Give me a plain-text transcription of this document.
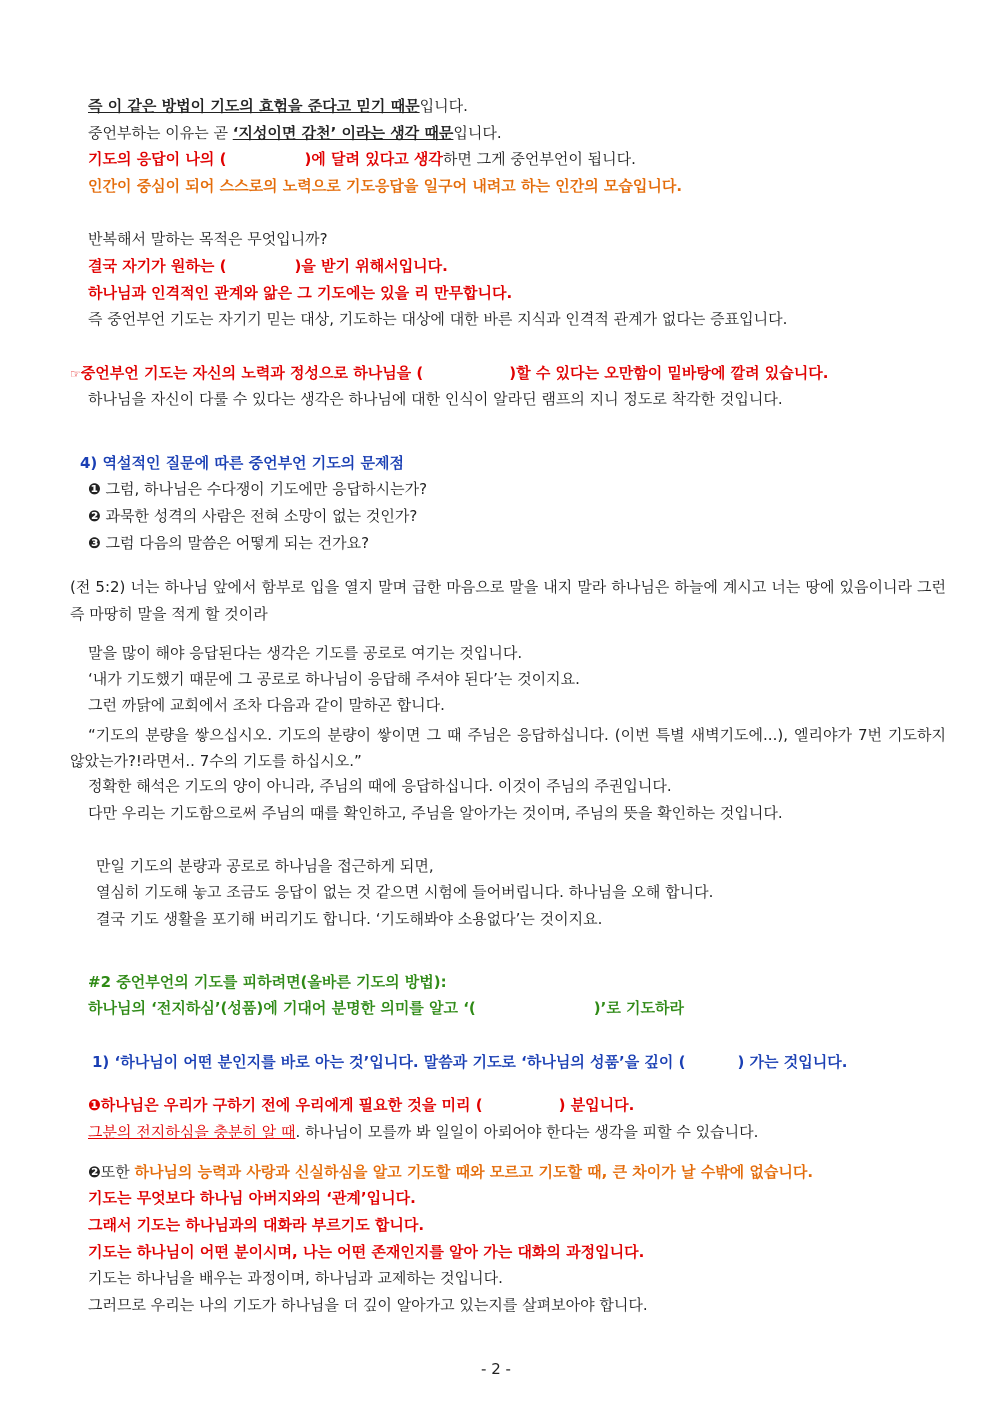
즉 이 같은 방법이 기도의 효험을 준다고 믿기 때문입니다.
중언부하는 이유는 곧 ‘지성이면 감천’ 이라는 생각 때문입니다.
기도의 응답이 나의 (	)에 달려 있다고 생각하면 그게 중언부언이 됩니다.
인간이 중심이 되어 스스로의 노력으로 기도응답을 일구어 내려고 하는 인간의 모습입니다.
반복해서 말하는 목적은 무엇입니까?
결국 자기가 원하는 (	)을 받기 위해서입니다.
하나님과 인격적인 관계와 앎은 그 기도에는 있을 리 만무합니다.
즉 중언부언 기도는 자기기 믿는 대상, 기도하는 대상에 대한 바른 지식과 인격적 관계가 없다는 증표입니다.
☞중언부언 기도는 자신의 노력과 정성으로 하나님을 (	)할 수 있다는 오만함이 밑바탕에 깔려 있습니다.
하나님을 자신이 다룰 수 있다는 생각은 하나님에 대한 인식이 알라딘 램프의 지니 정도로 착각한 것입니다.
4) 역설적인 질문에 따른 중언부언 기도의 문제점
❶ 그럼, 하나님은 수다쟁이 기도에만 응답하시는가?
❷ 과묵한 성격의 사람은 전혀 소망이 없는 것인가?
❸ 그럼 다음의 말씀은 어떻게 되는 건가요?
(전 5:2) 너는 하나님 앞에서 함부로 입을 열지 말며 급한 마음으로 말을 내지 말라 하나님은 하늘에 계시고 너는 땅에 있음이니라 그런즉 마땅히 말을 적게 할 것이라
말을 많이 해야 응답된다는 생각은 기도를 공로로 여기는 것입니다.
‘내가 기도했기 때문에 그 공로로 하나님이 응답해 주셔야 된다’는 것이지요.
그런 까닭에 교회에서 조차 다음과 같이 말하곤 합니다.
“기도의 분량을 쌓으십시오. 기도의 분량이 쌓이면 그 때 주님은 응답하십니다. (이번 특별 새벽기도에...), 엘리야가 7번 기도하지 않았는가?!라면서.. 7수의 기도를 하십시오.”
정확한 해석은 기도의 양이 아니라, 주님의 때에 응답하십니다. 이것이 주님의 주권입니다.
다만 우리는 기도함으로써 주님의 때를 확인하고, 주님을 알아가는 것이며, 주님의 뜻을 확인하는 것입니다.
만일 기도의 분량과 공로로 하나님을 접근하게 되면,
열심히 기도해 놓고 조금도 응답이 없는 것 같으면 시험에 들어버립니다. 하나님을 오해 합니다.
결국 기도 생활을 포기해 버리기도 합니다. ‘기도해봐야 소용없다’는 것이지요.
#2 중언부언의 기도를 피하려면(올바른 기도의 방법):
하나님의 ‘전지하심’(성품)에 기대어 분명한 의미를 알고 ‘(	)’로 기도하라
1) ‘하나님이 어떤 분인지를 바로 아는 것’입니다. 말씀과 기도로 ‘하나님의 성품’을 깊이 (	) 가는 것입니다.
❶하나님은 우리가 구하기 전에 우리에게 필요한 것을 미리 (	) 분입니다.
그분의 전지하심을 충분히 알 때. 하나님이 모를까 봐 일일이 아뢰어야 한다는 생각을 피할 수 있습니다.
❷또한 하나님의 능력과 사랑과 신실하심을 알고 기도할 때와 모르고 기도할 때, 큰 차이가 날 수밖에 없습니다.
기도는 무엇보다 하나님 아버지와의 ‘관계’입니다.
그래서 기도는 하나님과의 대화라 부르기도 합니다.
기도는 하나님이 어떤 분이시며, 나는 어떤 존재인지를 알아 가는 대화의 과정입니다.
기도는 하나님을 배우는 과정이며, 하나님과 교제하는 것입니다.
그러므로 우리는 나의 기도가 하나님을 더 깊이 알아가고 있는지를 살펴보아야 합니다.
- 2 -
